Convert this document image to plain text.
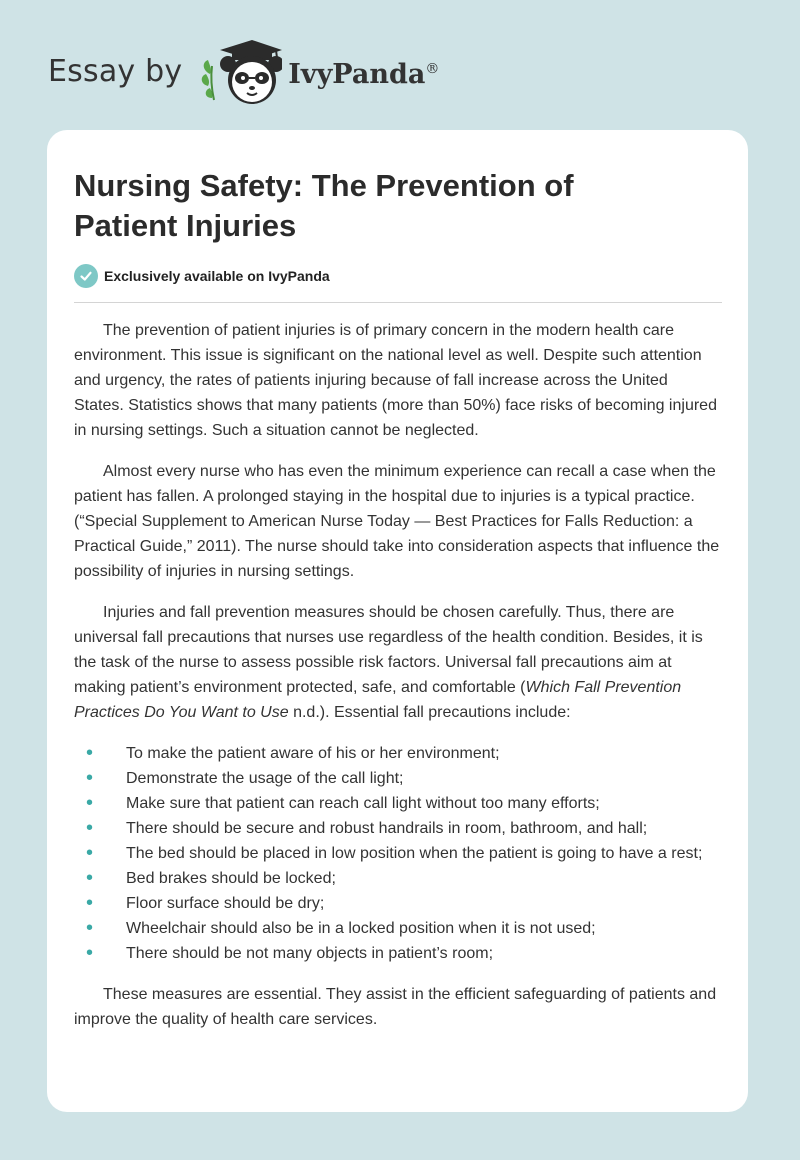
Essay by	IvyPanda®
Nursing Safety: The Prevention of Patient Injuries
Exclusively available on IvyPanda

The prevention of patient injuries is of primary concern in the modern health care environment. This issue is significant on the national level as well. Despite such attention and urgency, the rates of patients injuring because of fall increase across the United States. Statistics shows that many patients (more than 50%) face risks of becoming injured in nursing settings. Such a situation cannot be neglected.

Almost every nurse who has even the minimum experience can recall a case when the patient has fallen. A prolonged staying in the hospital due to injuries is a typical practice. (“Special Supplement to American Nurse Today — Best Practices for Falls Reduction: a Practical Guide,” 2011). The nurse should take into consideration aspects that influence the possibility of injuries in nursing settings.

Injuries and fall prevention measures should be chosen carefully. Thus, there are universal fall precautions that nurses use regardless of the health condition. Besides, it is the task of the nurse to assess possible risk factors. Universal fall precautions aim at making patient’s environment protected, safe, and comfortable (Which Fall Prevention Practices Do You Want to Use n.d.). Essential fall precautions include:

• To make the patient aware of his or her environment;
• Demonstrate the usage of the call light;
• Make sure that patient can reach call light without too many efforts;
• There should be secure and robust handrails in room, bathroom, and hall;
• The bed should be placed in low position when the patient is going to have a rest;
• Bed brakes should be locked;
• Floor surface should be dry;
• Wheelchair should also be in a locked position when it is not used;
• There should be not many objects in patient’s room;

These measures are essential. They assist in the efficient safeguarding of patients and improve the quality of health care services.
